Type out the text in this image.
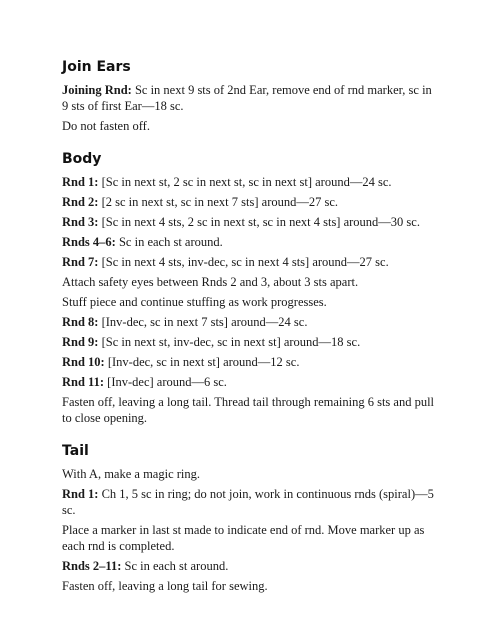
Join Ears

Joining Rnd: Sc in next 9 sts of 2nd Ear, remove end of rnd marker, sc in 9 sts of first Ear—18 sc.

Do not fasten off.

Body

Rnd 1: [Sc in next st, 2 sc in next st, sc in next st] around—24 sc.

Rnd 2: [2 sc in next st, sc in next 7 sts] around—27 sc.

Rnd 3: [Sc in next 4 sts, 2 sc in next st, sc in next 4 sts] around—30 sc.

Rnds 4–6: Sc in each st around.

Rnd 7: [Sc in next 4 sts, inv-dec, sc in next 4 sts] around—27 sc.

Attach safety eyes between Rnds 2 and 3, about 3 sts apart.

Stuff piece and continue stuffing as work progresses.

Rnd 8: [Inv-dec, sc in next 7 sts] around—24 sc.

Rnd 9: [Sc in next st, inv-dec, sc in next st] around—18 sc.

Rnd 10: [Inv-dec, sc in next st] around—12 sc.

Rnd 11: [Inv-dec] around—6 sc.

Fasten off, leaving a long tail. Thread tail through remaining 6 sts and pull to close opening.

Tail

With A, make a magic ring.

Rnd 1: Ch 1, 5 sc in ring; do not join, work in continuous rnds (spiral)—5 sc.

Place a marker in last st made to indicate end of rnd. Move marker up as each rnd is completed.

Rnds 2–11: Sc in each st around.

Fasten off, leaving a long tail for sewing.
